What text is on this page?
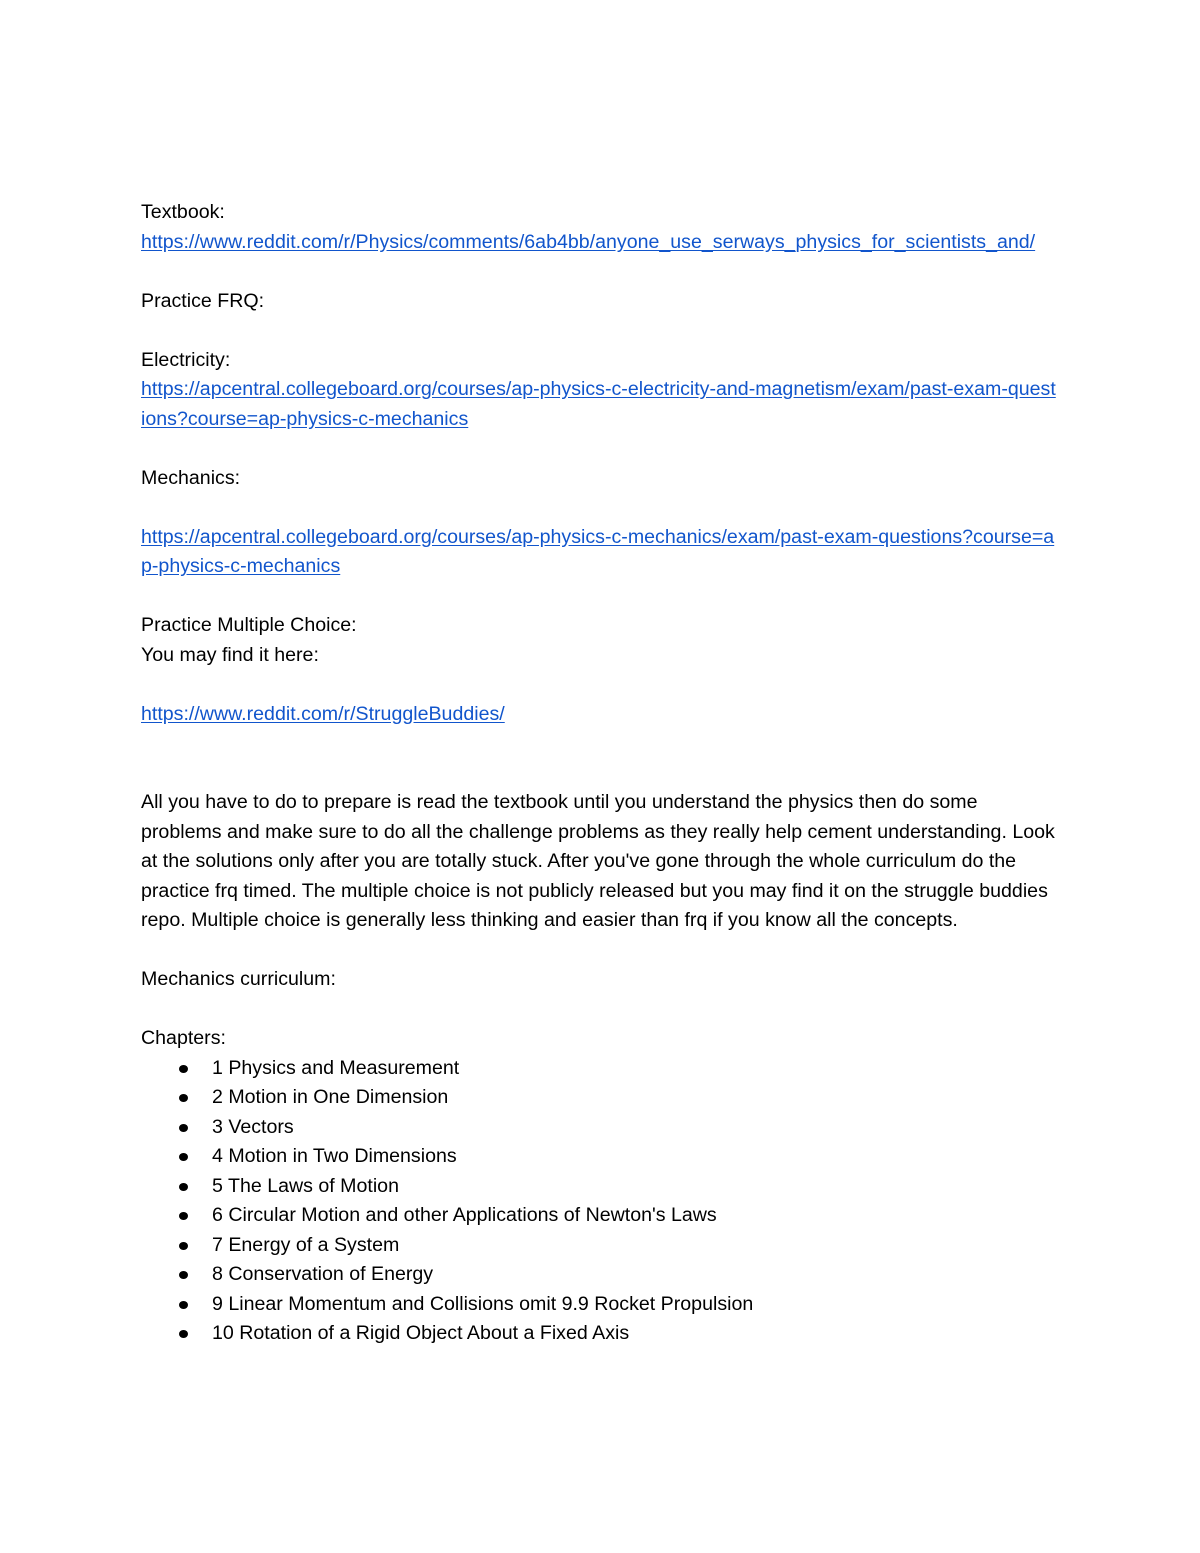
Textbook:
https://www.reddit.com/r/Physics/comments/6ab4bb/anyone_use_serways_physics_for_scientists_and/
Practice FRQ:
Electricity:
https://apcentral.collegeboard.org/courses/ap-physics-c-electricity-and-magnetism/exam/past-exam-questions?course=ap-physics-c-mechanics
Mechanics:
https://apcentral.collegeboard.org/courses/ap-physics-c-mechanics/exam/past-exam-questions?course=ap-physics-c-mechanics
Practice Multiple Choice:
You may find it here:
https://www.reddit.com/r/StruggleBuddies/

All you have to do to prepare is read the textbook until you understand the physics then do some problems and make sure to do all the challenge problems as they really help cement understanding. Look at the solutions only after you are totally stuck. After you've gone through the whole curriculum do the practice frq timed. The multiple choice is not publicly released but you may find it on the struggle buddies repo. Multiple choice is generally less thinking and easier than frq if you know all the concepts.

Mechanics curriculum:
Chapters:
1 Physics and Measurement
2 Motion in One Dimension
3 Vectors
4 Motion in Two Dimensions
5 The Laws of Motion
6 Circular Motion and other Applications of Newton's Laws
7 Energy of a System
8 Conservation of Energy
9 Linear Momentum and Collisions omit 9.9 Rocket Propulsion
10 Rotation of a Rigid Object About a Fixed Axis
